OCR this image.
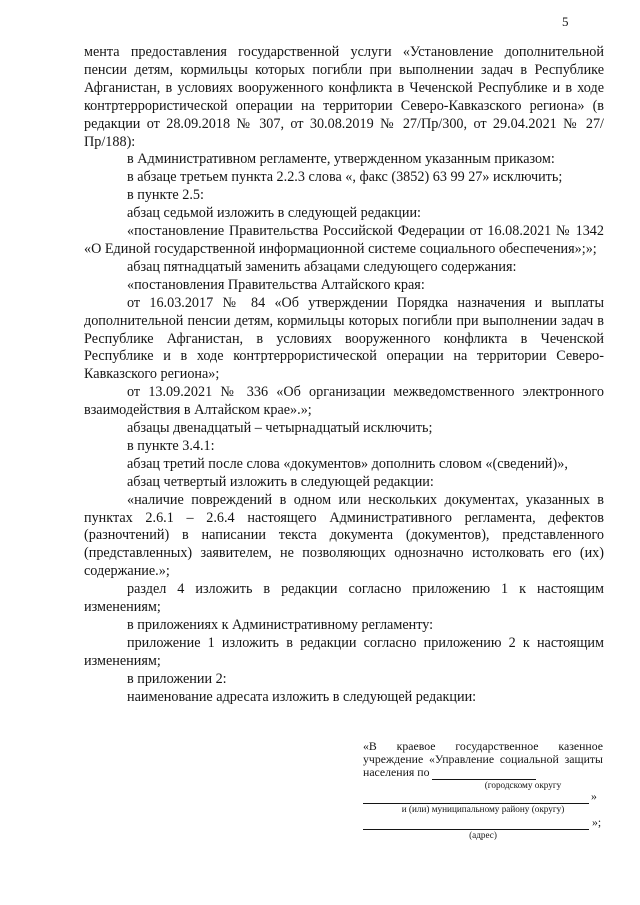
5

мента предоставления государственной услуги «Установление дополнительной пенсии детям, кормильцы которых погибли при выполнении задач в Республике Афганистан, в условиях вооруженного конфликта в Чеченской Республике и в ходе контртеррористической операции на территории Северо-Кавказского региона» (в редакции от 28.09.2018 № 307, от 30.08.2019 № 27/Пр/300, от 29.04.2021 № 27/Пр/188):

в Административном регламенте, утвержденном указанным приказом:

в абзаце третьем пункта 2.2.3 слова «, факс (3852) 63 99 27» исключить;

в пункте 2.5:

абзац седьмой изложить в следующей редакции:

«постановление Правительства Российской Федерации от 16.08.2021 № 1342 «О Единой государственной информационной системе социального обеспечения»;»;

абзац пятнадцатый заменить абзацами следующего содержания:

«постановления Правительства Алтайского края:

от 16.03.2017 № 84 «Об утверждении Порядка назначения и выплаты дополнительной пенсии детям, кормильцы которых погибли при выполнении задач в Республике Афганистан, в условиях вооруженного конфликта в Чеченской Республике и в ходе контртеррористической операции на территории Северо-Кавказского региона»;

от 13.09.2021 № 336 «Об организации межведомственного электронного взаимодействия в Алтайском крае».»;

абзацы двенадцатый – четырнадцатый исключить;

в пункте 3.4.1:

абзац третий после слова «документов» дополнить словом «(сведений)»,

абзац четвертый изложить в следующей редакции:

«наличие повреждений в одном или нескольких документах, указанных в пунктах 2.6.1 – 2.6.4 настоящего Административного регламента, дефектов (разночтений) в написании текста документа (документов), представленного (представленных) заявителем, не позволяющих однозначно истолковать его (их) содержание.»;

раздел 4 изложить в редакции согласно приложению 1 к настоящим изменениям;

в приложениях к Административному регламенту:

приложение 1 изложить в редакции согласно приложению 2 к настоящим изменениям;

в приложении 2:

наименование адресата изложить в следующей редакции:

«В краевое государственное казенное учреждение «Управление социальной защиты населения по

(городскому округу
»
и (или) муниципальному району (округу)
»;
(адрес)
